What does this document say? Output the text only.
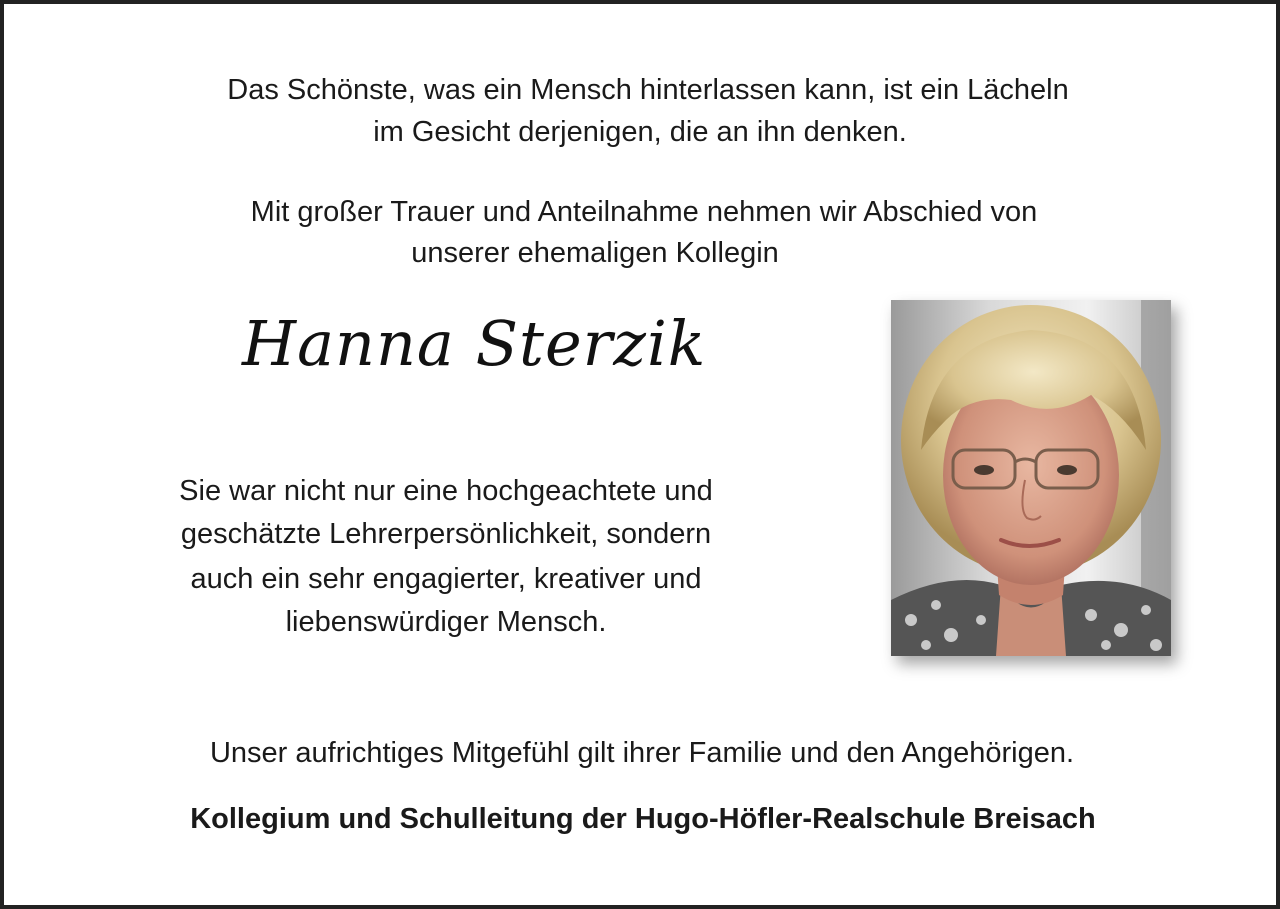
Das Schönste, was ein Mensch hinterlassen kann, ist ein Lächeln
im Gesicht derjenigen, die an ihn denken.
Mit großer Trauer und Anteilnahme nehmen wir Abschied von
unserer ehemaligen Kollegin
Hanna Sterzik
Sie war nicht nur eine hochgeachtete und
geschätzte Lehrerpersönlichkeit, sondern
auch ein sehr engagierter, kreativer und
liebenswürdiger Mensch.
Unser aufrichtiges Mitgefühl gilt ihrer Familie und den Angehörigen.
Kollegium und Schulleitung der Hugo-Höfler-Realschule Breisach
